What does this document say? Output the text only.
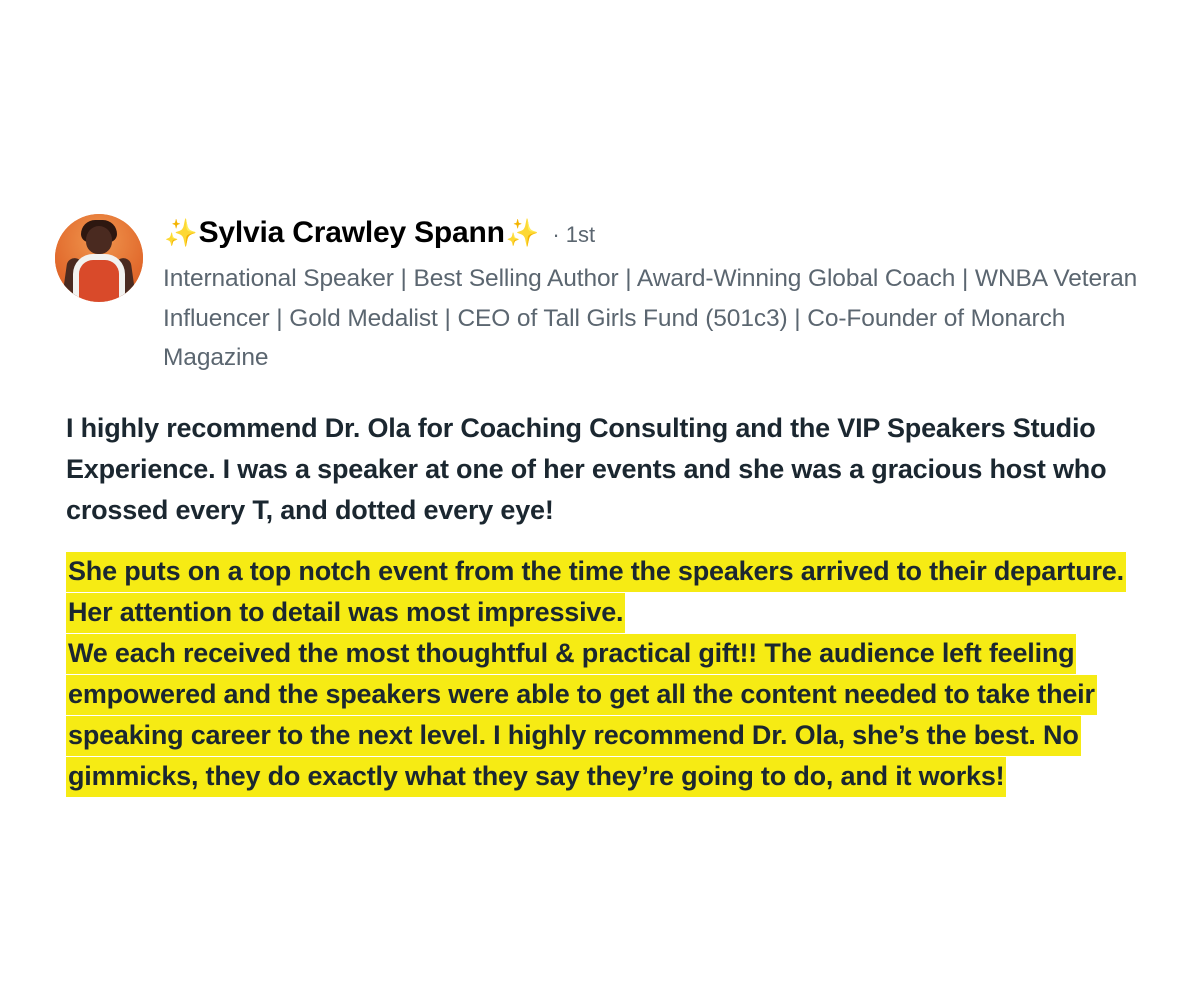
✨ Sylvia Crawley Spann ✨ · 1st
International Speaker | Best Selling Author | Award-Winning Global Coach | WNBA Veteran Influencer | Gold Medalist | CEO of Tall Girls Fund (501c3) | Co-Founder of Monarch Magazine
I highly recommend Dr. Ola for Coaching Consulting and the VIP Speakers Studio Experience. I was a speaker at one of her events and she was a gracious host who crossed every T, and dotted every eye!
She puts on a top notch event from the time the speakers arrived to their departure. Her attention to detail was most impressive.
We each received the most thoughtful & practical gift!! The audience left feeling empowered and the speakers were able to get all the content needed to take their speaking career to the next level. I highly recommend Dr. Ola, she’s the best. No gimmicks, they do exactly what they say they’re going to do, and it works!
